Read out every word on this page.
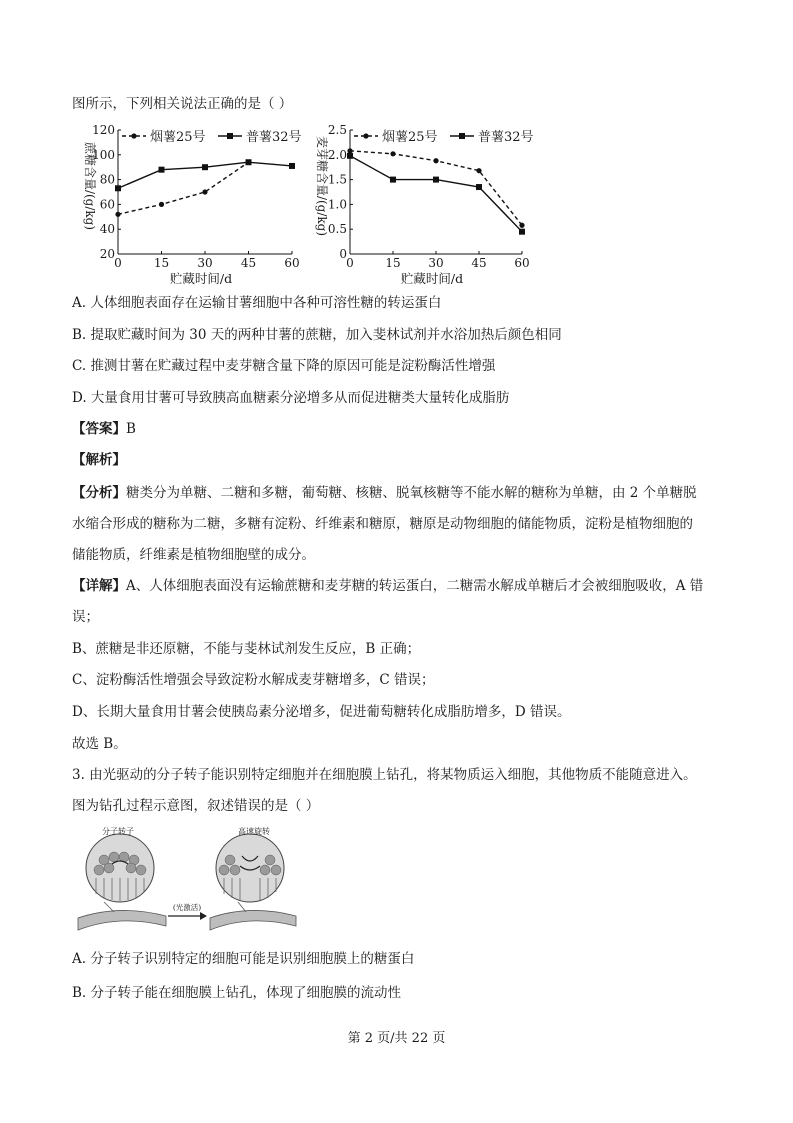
图所示，下列相关说法正确的是（ ）
20
40
60
80
100
120
0	15 30 45 60
贮藏时间/d
蔗糖含量/(g/kg)
烟薯25号	普薯32号
0
0.5
1.0
1.5
2.0
2.5
0	15 30 45 60
贮藏时间/d
麦芽糖含量/(g/kg)	烟薯25号	普薯32号
A. 人体细胞表面存在运输甘薯细胞中各种可溶性糖的转运蛋白
B. 提取贮藏时间为 30 天的两种甘薯的蔗糖，加入斐林试剂并水浴加热后颜色相同
C. 推测甘薯在贮藏过程中麦芽糖含量下降的原因可能是淀粉酶活性增强
D. 大量食用甘薯可导致胰高血糖素分泌增多从而促进糖类大量转化成脂肪
【答案】B
【解析】
【分析】糖类分为单糖、二糖和多糖，葡萄糖、核糖、脱氧核糖等不能水解的糖称为单糖，由 2 个单糖脱
水缩合形成的糖称为二糖，多糖有淀粉、纤维素和糖原，糖原是动物细胞的储能物质，淀粉是植物细胞的
储能物质，纤维素是植物细胞壁的成分。
【详解】A、人体细胞表面没有运输蔗糖和麦芽糖的转运蛋白，二糖需水解成单糖后才会被细胞吸收，A 错
误；
B、蔗糖是非还原糖，不能与斐林试剂发生反应，B 正确；
C、淀粉酶活性增强会导致淀粉水解成麦芽糖增多，C 错误；
D、长期大量食用甘薯会使胰岛素分泌增多，促进葡萄糖转化成脂肪增多，D 错误。
故选 B。
3. 由光驱动的分子转子能识别特定细胞并在细胞膜上钻孔，将某物质运入细胞，其他物质不能随意进入。
图为钻孔过程示意图，叙述错误的是（ ）
分子转子
(光激活)
高速旋转
A. 分子转子识别特定的细胞可能是识别细胞膜上的糖蛋白
B. 分子转子能在细胞膜上钻孔，体现了细胞膜的流动性
第 2 页/共 22 页
